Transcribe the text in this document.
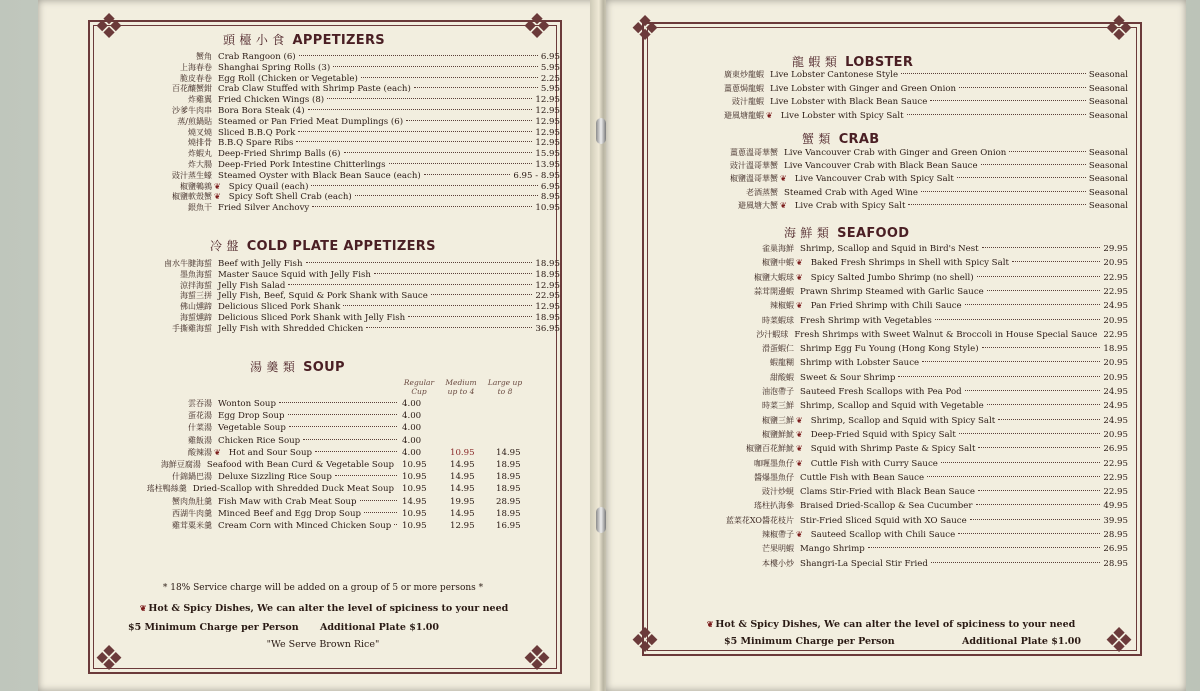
❖	❖
❖	❖
頭 檯 小 食 APPETIZERS
蟹角 Crab Rangoon (6)	6.95
上海春卷 Shanghai Spring Rolls (3)	5.95
脆皮春卷 Egg Roll (Chicken or Vegetable)	2.25
百花釀蟹鉗 Crab Claw Stuffed with Shrimp Paste (each)	5.95
炸雞翼 Fried Chicken Wings (8)	12.95
沙爹牛肉串 Bora Bora Steak (4)	12.95
蒸/煎鍋貼 Steamed or Pan Fried Meat Dumplings (6)	12.95
燒叉燒 Sliced B.B.Q Pork	12.95
燒排骨 B.B.Q Spare Ribs	12.95
炸蝦丸 Deep-Fried Shrimp Balls (6)	15.95
炸大腸 Deep-Fried Pork Intestine Chitterlings	13.95
豉汁蒸生蠔 Steamed Oyster with Black Bean Sauce (each)	6.95 - 8.95
椒鹽鵪鶉 ❦ Spicy Quail (each)	6.95
椒鹽軟殼蟹 ❦ Spicy Soft Shell Crab (each)	8.95
銀魚干 Fried Silver Anchovy	10.95
冷 盤 COLD PLATE APPETIZERS
鹵水牛腱海蜇 Beef with Jelly Fish	18.95
墨魚海蜇 Master Sauce Squid with Jelly Fish	18.95
涼拌海蜇 Jelly Fish Salad	12.95
海蜇三拼 Jelly Fish, Beef, Squid & Pork Shank with Sauce	22.95
佛山燻蹄 Delicious Sliced Pork Shank	12.95
海蜇燻蹄 Delicious Sliced Pork Shank with Jelly Fish	18.95
手撕雞海蜇 Jelly Fish with Shredded Chicken	36.95
湯 羹 類 SOUP
Regular Cup
Medium up to 4
Large up to 8
雲吞湯 Wonton Soup	4.00
蛋花湯 Egg Drop Soup	4.00
什菜湯 Vegetable Soup	4.00
雞飯湯 Chicken Rice Soup	4.00
酸辣湯 ❦ Hot and Sour Soup	4.00	10.95	14.95
海鮮豆腐湯 Seafood with Bean Curd & Vegetable Soup 10.95	14.95	18.95
什錦鍋巴湯 Deluxe Sizzling Rice Soup	10.95	14.95	18.95
瑤柱鴨絲羹 Dried-Scallop with Shredded Duck Meat Soup 10.95	14.95	18.95
蟹肉魚肚羹 Fish Maw with Crab Meat Soup	14.95	19.95	28.95
西湖牛肉羹 Minced Beef and Egg Drop Soup	10.95	14.95	18.95
雞茸粟米羹 Cream Corn with Minced Chicken Soup 10.95	12.95	16.95
* 18% Service charge will be added on a group of 5 or more persons *
❦ Hot & Spicy Dishes, We can alter the level of spiciness to your need
$5 Minimum Charge per Person Additional Plate $1.00
"We Serve Brown Rice"
❖	❖
❖	❖
龍 蝦 類 LOBSTER
廣東炒龍蝦 Live Lobster Cantonese Style	Seasonal
薑蔥焗龍蝦 Live Lobster with Ginger and Green Onion	Seasonal
豉汁龍蝦 Live Lobster with Black Bean Sauce	Seasonal
避風塘龍蝦 ❦ Live Lobster with Spicy Salt	Seasonal
蟹 類 CRAB
薑蔥溫哥華蟹 Live Vancouver Crab with Ginger and Green Onion	Seasonal
豉汁溫哥華蟹 Live Vancouver Crab with Black Bean Sauce	Seasonal
椒鹽溫哥華蟹 ❦ Live Vancouver Crab with Spicy Salt	Seasonal
老酒蒸蟹 Steamed Crab with Aged Wine	Seasonal
避風塘大蟹 ❦ Live Crab with Spicy Salt	Seasonal
海 鮮 類 SEAFOOD
雀巢海鮮 Shrimp, Scallop and Squid in Bird's Nest	29.95
椒鹽中蝦 ❦ Baked Fresh Shrimps in Shell with Spicy Salt	20.95
椒鹽大蝦球 ❦ Spicy Salted Jumbo Shrimp (no shell)	22.95
蒜茸開邊蝦 Prawn Shrimp Steamed with Garlic Sauce	22.95
辣椒蝦 ❦ Pan Fried Shrimp with Chili Sauce	24.95
時菜蝦球 Fresh Shrimp with Vegetables	20.95
沙汁蝦球 Fresh Shrimps with Sweet Walnut & Broccoli in House Special Sauce 22.95
滑蛋蝦仁 Shrimp Egg Fu Young (Hong Kong Style)	18.95
蝦龍糊 Shrimp with Lobster Sauce	20.95
甜酸蝦 Sweet & Sour Shrimp	20.95
油泡帶子 Sauteed Fresh Scallops with Pea Pod	24.95
時菜三鮮 Shrimp, Scallop and Squid with Vegetable	24.95
椒鹽三鮮 ❦ Shrimp, Scallop and Squid with Spicy Salt	24.95
椒鹽鮮魷 ❦ Deep-Fried Squid with Spicy Salt	20.95
椒鹽百花鮮魷 ❦ Squid with Shrimp Paste & Spicy Salt	26.95
咖喱墨魚仔 ❦ Cuttle Fish with Curry Sauce	22.95
醬爆墨魚仔 Cuttle Fish with Bean Sauce	22.95
豉汁炒蜆 Clams Stir-Fried with Black Bean Sauce	22.95
瑤柱扒海參 Braised Dried-Scallop & Sea Cucumber	49.95
蓝菜花XO醬花枝片 Stir-Fried Sliced Squid with XO Sauce	39.95
辣椒帶子 ❦ Sauteed Scallop with Chili Sauce	28.95
芒果明蝦 Mango Shrimp	26.95
本樓小炒 Shangri-La Special Stir Fried	28.95
❦ Hot & Spicy Dishes, We can alter the level of spiciness to your need
$5 Minimum Charge per Person	Additional Plate $1.00
